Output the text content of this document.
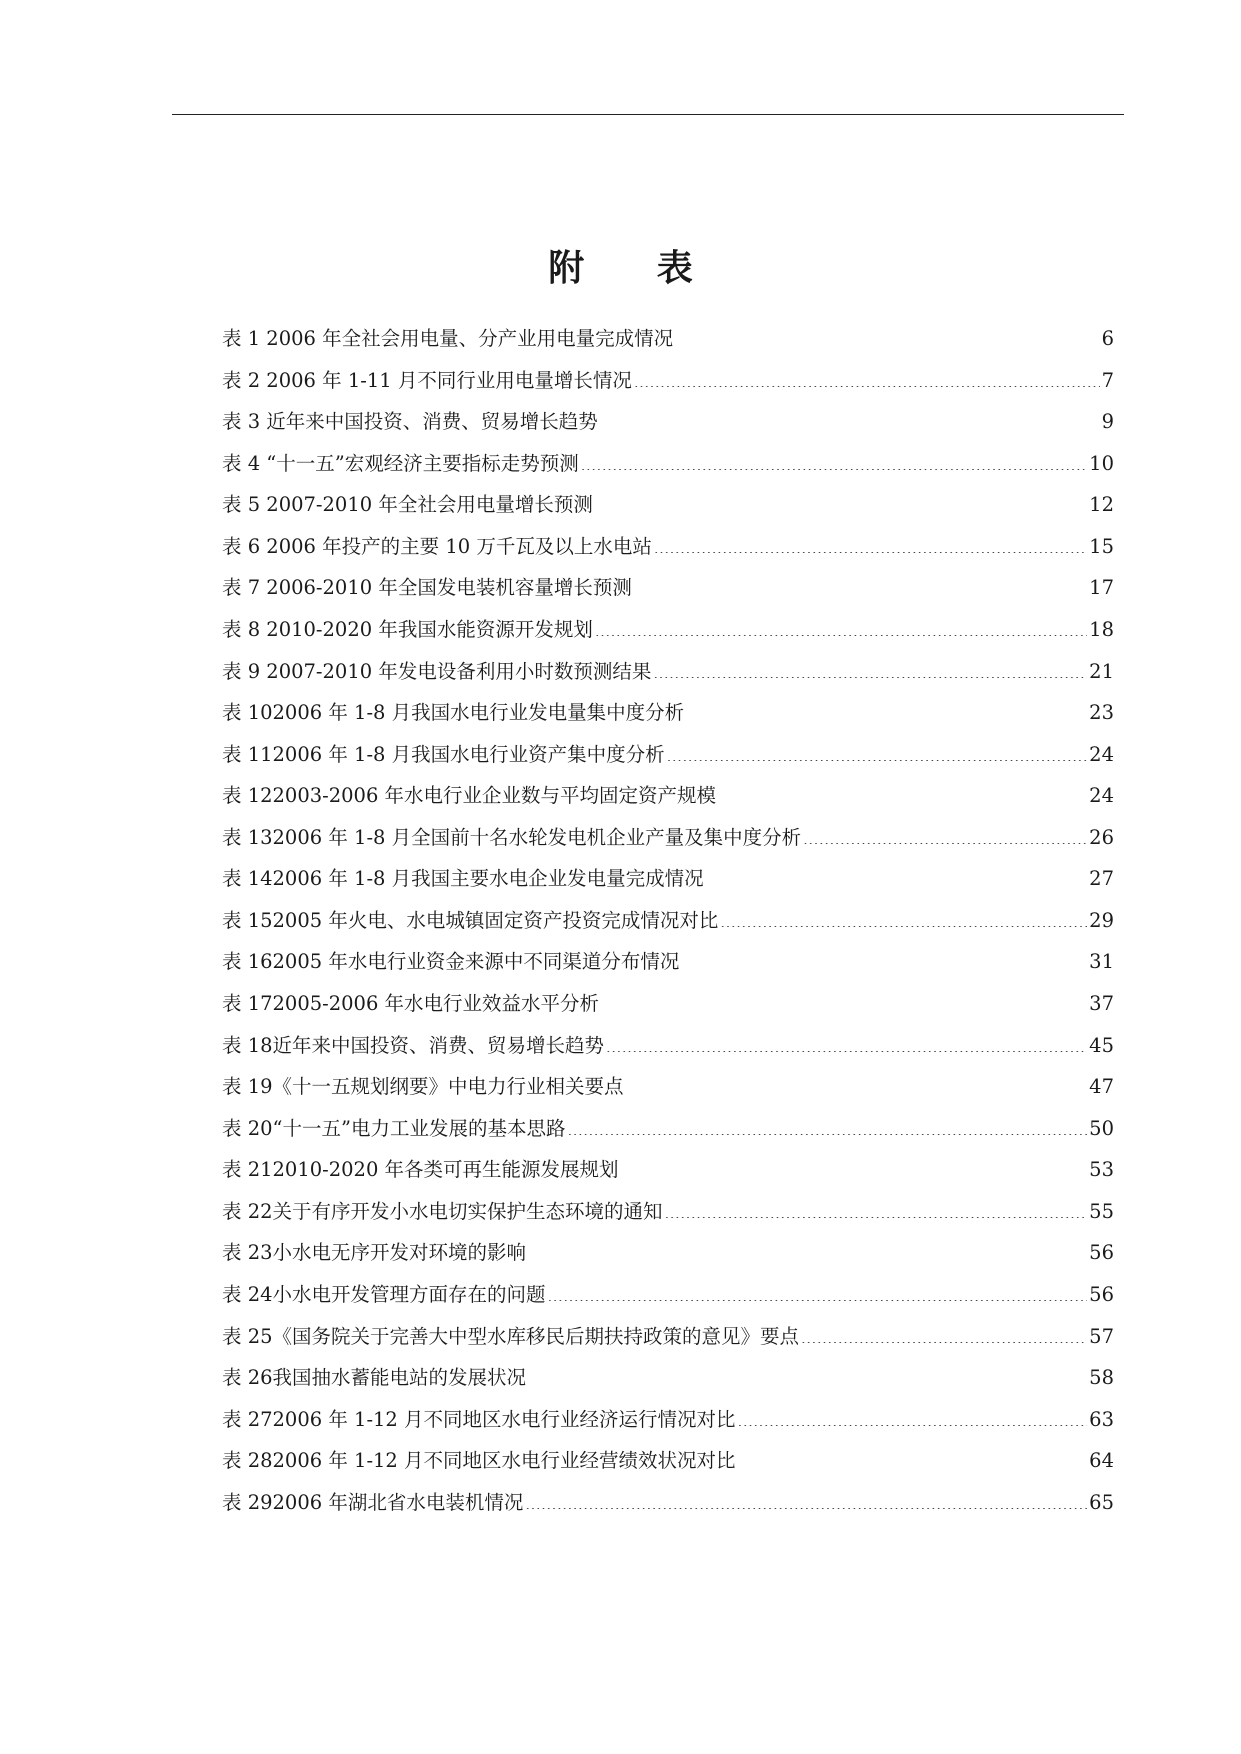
附 表
表 1 2006 年全社会用电量、分产业用电量完成情况 .....	6
表 2 2006 年 1-11 月不同行业用电量增长情况 .....	7
表 3 近年来中国投资、消费、贸易增长趋势 .....	9
表 4 “十一五”宏观经济主要指标走势预测 .....	10
表 5 2007-2010 年全社会用电量增长预测 .....	12
表 6 2006 年投产的主要 10 万千瓦及以上水电站 .....	15
表 7 2006-2010 年全国发电装机容量增长预测 .....	17
表 8 2010-2020 年我国水能资源开发规划 .....	18
表 9 2007-2010 年发电设备利用小时数预测结果 .....	21
表 102006 年 1-8 月我国水电行业发电量集中度分析 .....	23
表 112006 年 1-8 月我国水电行业资产集中度分析 .....	24
表 122003-2006 年水电行业企业数与平均固定资产规模 .....	24
表 132006 年 1-8 月全国前十名水轮发电机企业产量及集中度分析 .....	26
表 142006 年 1-8 月我国主要水电企业发电量完成情况 .....	27
表 152005 年火电、水电城镇固定资产投资完成情况对比 .....	29
表 162005 年水电行业资金来源中不同渠道分布情况 .....	31
表 172005-2006 年水电行业效益水平分析 .....	37
表 18近年来中国投资、消费、贸易增长趋势 .....	45
表 19《十一五规划纲要》中电力行业相关要点 .....	47
表 20“十一五”电力工业发展的基本思路 .....	50
表 212010-2020 年各类可再生能源发展规划 .....	53
表 22关于有序开发小水电切实保护生态环境的通知 .....	55
表 23小水电无序开发对环境的影响 .....	56
表 24小水电开发管理方面存在的问题 .....	56
表 25《国务院关于完善大中型水库移民后期扶持政策的意见》要点 .....	57
表 26我国抽水蓄能电站的发展状况 .....	58
表 272006 年 1-12 月不同地区水电行业经济运行情况对比 .....	63
表 282006 年 1-12 月不同地区水电行业经营绩效状况对比 .....	64
表 292006 年湖北省水电装机情况 .....	65
